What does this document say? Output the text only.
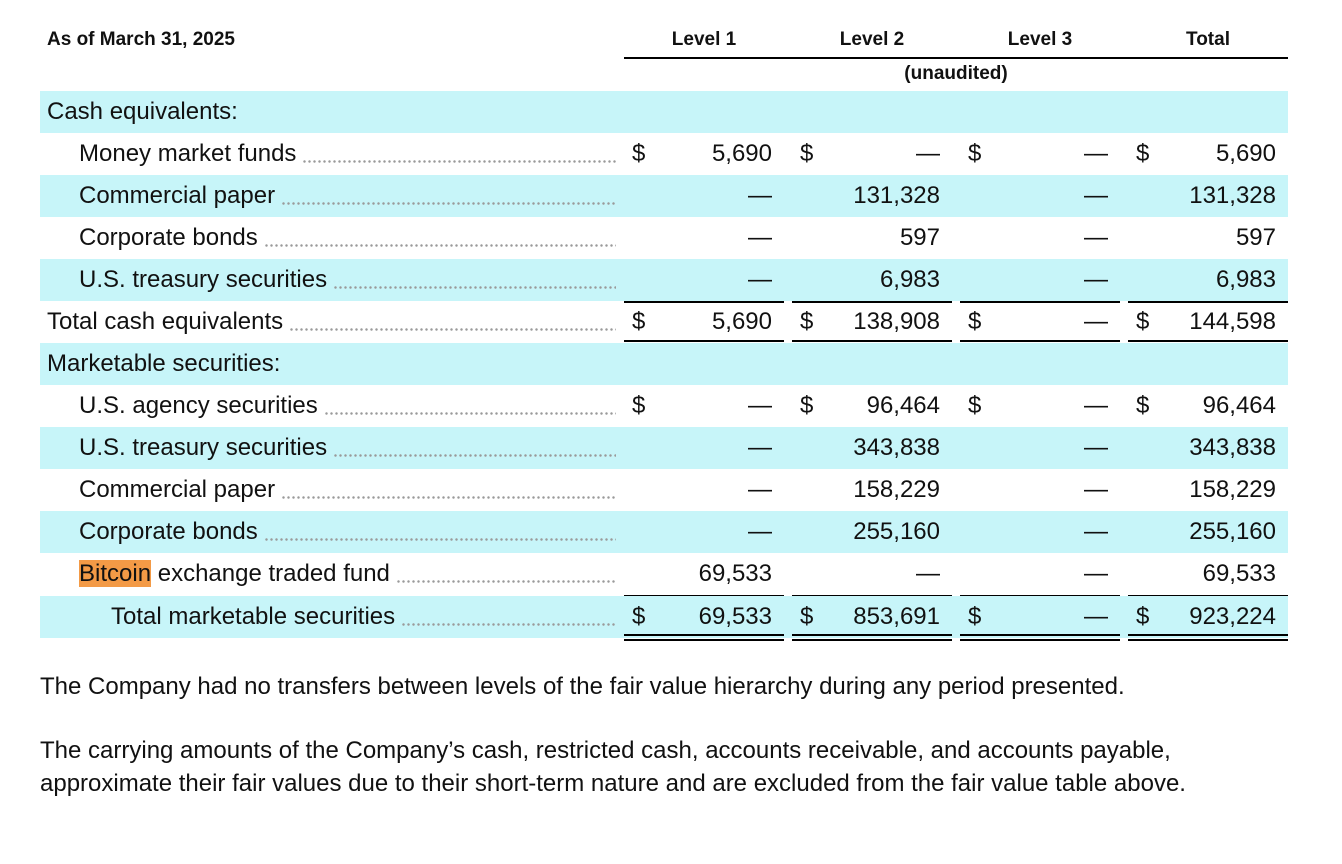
As of March 31, 2025	Level 1	Level 2	Level 3	Total
(unaudited)
Cash equivalents:
Money market funds	$	5,690 $	— $	— $	5,690
Commercial paper	—	131,328	—	131,328
Corporate bonds	—	597	—	597
U.S. treasury securities	—	6,983	—	6,983
Total cash equivalents	$	5,690 $	138,908 $	— $	144,598
Marketable securities:
U.S. agency securities	$	— $	96,464 $	— $	96,464
U.S. treasury securities	—	343,838	—	343,838
Commercial paper	—	158,229	—	158,229
Corporate bonds	—	255,160	—	255,160
Bitcoin exchange traded fund	69,533	—	—	69,533
Total marketable securities	$	69,533 $	853,691 $	— $	923,224

The Company had no transfers between levels of the fair value hierarchy during any period presented.

The carrying amounts of the Company’s cash, restricted cash, accounts receivable, and accounts payable, approximate their fair values due to their short-term nature and are excluded from the fair value table above.
